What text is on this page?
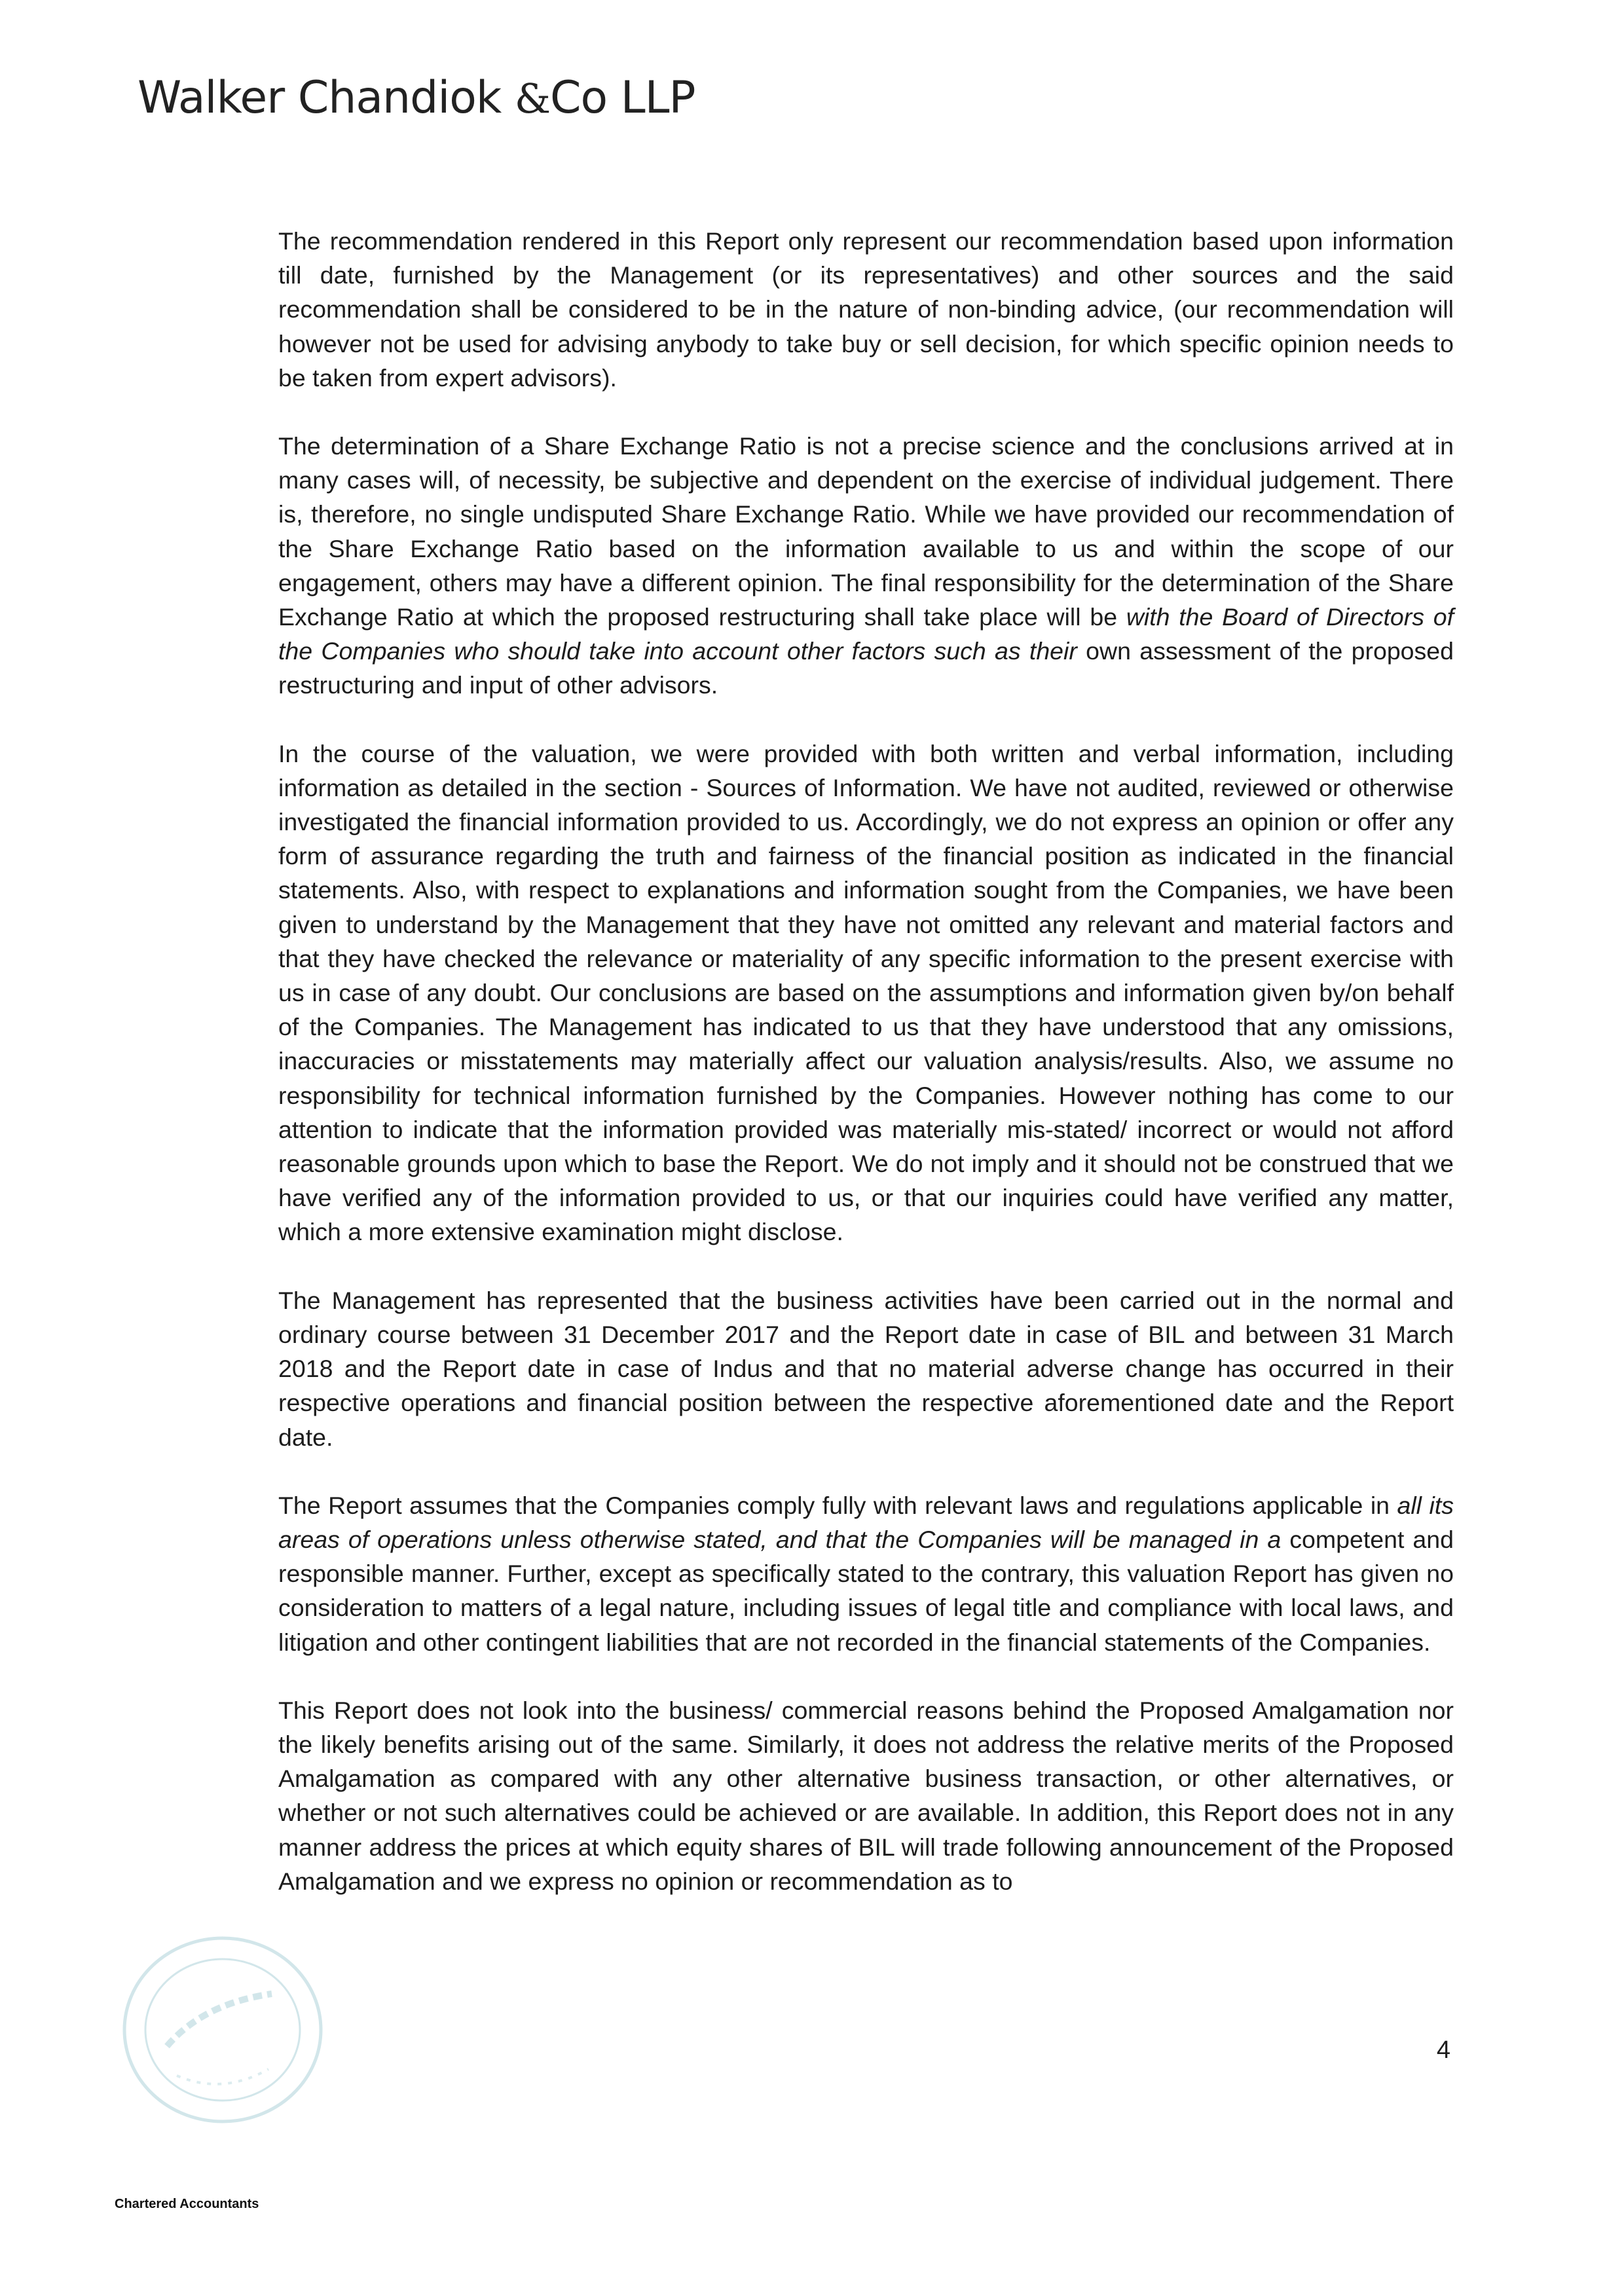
Walker Chandiok &Co LLP

The recommendation rendered in this Report only represent our recommendation based upon information till date, furnished by the Management (or its representatives) and other sources and the said recommendation shall be considered to be in the nature of non-binding advice, (our recommendation will however not be used for advising anybody to take buy or sell decision, for which specific opinion needs to be taken from expert advisors).

The determination of a Share Exchange Ratio is not a precise science and the conclusions arrived at in many cases will, of necessity, be subjective and dependent on the exercise of individual judgement. There is, therefore, no single undisputed Share Exchange Ratio. While we have provided our recommendation of the Share Exchange Ratio based on the information available to us and within the scope of our engagement, others may have a different opinion. The final responsibility for the determination of the Share Exchange Ratio at which the proposed restructuring shall take place will be with the Board of Directors of the Companies who should take into account other factors such as their own assessment of the proposed restructuring and input of other advisors.

In the course of the valuation, we were provided with both written and verbal information, including information as detailed in the section - Sources of Information. We have not audited, reviewed or otherwise investigated the financial information provided to us. Accordingly, we do not express an opinion or offer any form of assurance regarding the truth and fairness of the financial position as indicated in the financial statements. Also, with respect to explanations and information sought from the Companies, we have been given to understand by the Management that they have not omitted any relevant and material factors and that they have checked the relevance or materiality of any specific information to the present exercise with us in case of any doubt. Our conclusions are based on the assumptions and information given by/on behalf of the Companies. The Management has indicated to us that they have understood that any omissions, inaccuracies or misstatements may materially affect our valuation analysis/results. Also, we assume no responsibility for technical information furnished by the Companies. However nothing has come to our attention to indicate that the information provided was materially mis-stated/ incorrect or would not afford reasonable grounds upon which to base the Report. We do not imply and it should not be construed that we have verified any of the information provided to us, or that our inquiries could have verified any matter, which a more extensive examination might disclose.

The Management has represented that the business activities have been carried out in the normal and ordinary course between 31 December 2017 and the Report date in case of BIL and between 31 March 2018 and the Report date in case of Indus and that no material adverse change has occurred in their respective operations and financial position between the respective aforementioned date and the Report date.

The Report assumes that the Companies comply fully with relevant laws and regulations applicable in all its areas of operations unless otherwise stated, and that the Companies will be managed in a competent and responsible manner. Further, except as specifically stated to the contrary, this valuation Report has given no consideration to matters of a legal nature, including issues of legal title and compliance with local laws, and litigation and other contingent liabilities that are not recorded in the financial statements of the Companies.

This Report does not look into the business/ commercial reasons behind the Proposed Amalgamation nor the likely benefits arising out of the same. Similarly, it does not address the relative merits of the Proposed Amalgamation as compared with any other alternative business transaction, or other alternatives, or whether or not such alternatives could be achieved or are available. In addition, this Report does not in any manner address the prices at which equity shares of BIL will trade following announcement of the Proposed Amalgamation and we express no opinion or recommendation as to

4
Chartered Accountants
